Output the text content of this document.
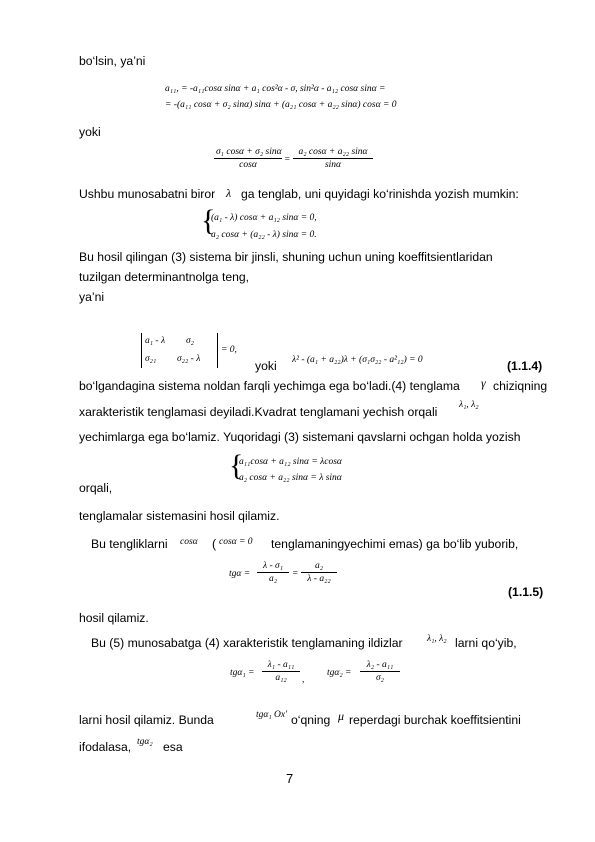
bo‘lsin, ya’ni
a₁₁, = -a₁₁cosα sinα + a₁ cos²α - σ, sin²α - a₁₂ cosα sinα =
= -(a₁₁ cosα + σ₂ sinα) sinα + (a₂₁ cosα + a₂₂ sinα) cosα = 0
yoki
$\frac{\text{σ₁ cosα + σ₂ sinα}}{\cos\alpha} = \frac{\text{a₂ cosα + a₂₂ sinα}}{\sin\alpha}$
Ushbu munosabatni biror λ ga tenglab, uni quyidagi ko‘rinishda yozish mumkin:
{
(a₁ - λ) cosα + a₁₂ sinα = 0,
a₂ cosα + (a₂₂ - λ) sinα = 0.
Bu hosil qilingan (3) sistema bir jinsli, shuning uchun uning koeffitsientlaridan
tuzilgan determinantnolga teng,
ya’ni
a₁ - λ σ₂
σ₂₁ σ₂₂ - λ
= 0,
yoki λ² - (a₁ + a₂₂)λ + (σ₁σ₂₂ - a²₁₂) = 0	(1.1.4)
bo‘lgandagina sistema noldan farqli yechimga ega bo‘ladi.(4) tenglama γ chiziqning
xarakteristik tenglamasi deyiladi.Kvadrat tenglamani yechish orqali λ₁, λ₂
yechimlarga ega bo‘lamiz. Yuqoridagi (3) sistemani qavslarni ochgan holda yozish
{
a₁₁cosα + a₁₂ sinα = λcosα
a₂ cosα + a₂₂ sinα = λ sinα
orqali,
tenglamalar sistemasini hosil qilamiz.
Bu tengliklarni cosα ( cosα = 0 tenglamaningyechimi emas) ga bo‘lib yuborib,
$tg\alpha = \frac{\text{λ - σ₁}}{\text{a₂}} = \frac{\text{a₂}}{\text{λ - a₂₂}}$
(1.1.5)
hosil qilamiz.
Bu (5) munosabatga (4) xarakteristik tenglamaning ildizlar	λ₁, λ₂ larni qo‘yib,
$tg\alpha_1 = \frac{\text{λ₁ - a₁₁}}{\text{a₁₂}}$ ,
$tg\alpha_2 = \frac{\text{λ₂ - a₁₁}}{\text{σ₂}}$
larni hosil qilamiz. Bunda	tgα₁ Ox' o‘qning μ reperdagi burchak koeffitsientini
ifodalasa, tgα₂ esa
7
